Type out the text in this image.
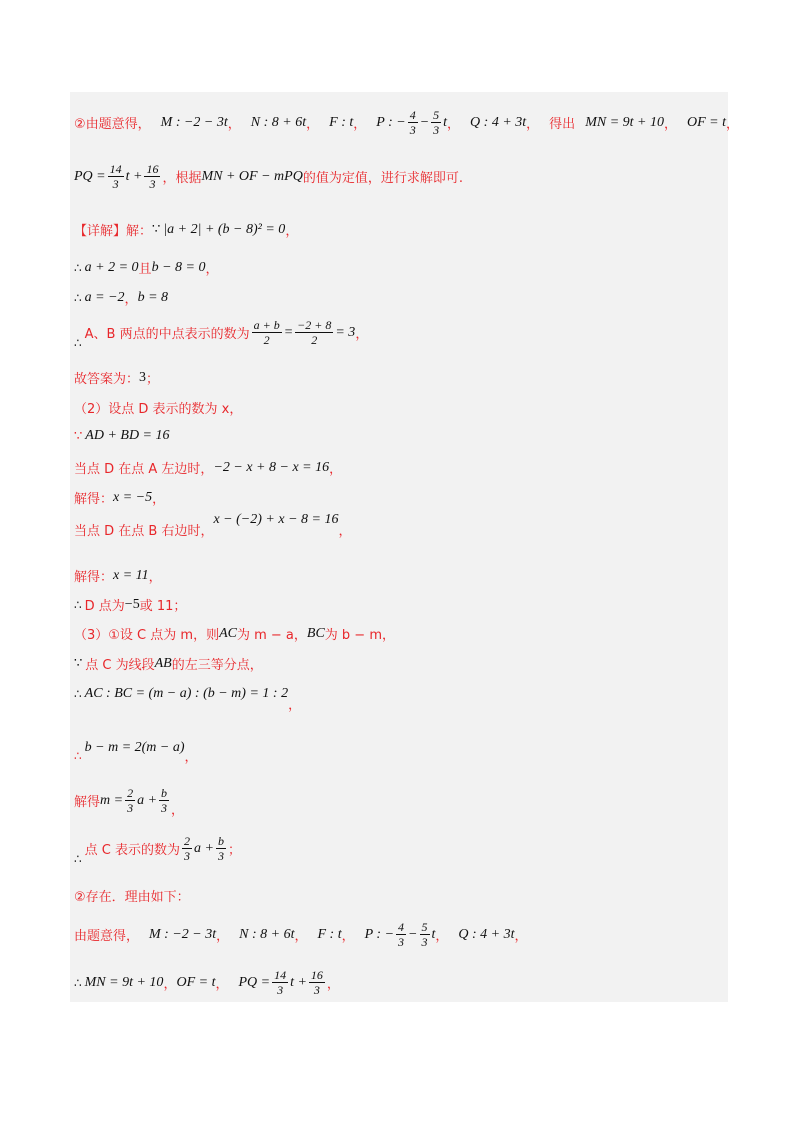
②由题意得， M : −2 − 3t ， N : 8 + 6t ， F : t ， P : − $\frac{4}{3} - \frac{5}{3}$ t ， Q : 4 + 3t ， 得出 MN = 9t + 10 ， OF = t ，
PQ = $\frac{14}{3}$ $t + \frac{16}{3}$ ，根据 MN + OF − mPQ 的值为定值，进行求解即可.
【详解】解： ∵ |a + 2| + (b − 8)² = 0 ，
∴ a + 2 = 0 且 b − 8 = 0 ，
∴ a = −2 ， b = 8
∴
A、B 两点的中点表示的数为 $\frac{a + b}{2} = \frac{-2 + 8}{2} = 3$ ，
故答案为： 3 ；
（2）设点 D 表示的数为 x，
∵ AD + BD = 16
当点 D 在点 A 左边时， −2 − x + 8 − x = 16 ，
解得： x = −5 ，
当点 D 在点 B 右边时，
x − (−2) + x − 8 = 16
，
解得： x = 11 ，
∴ D 点为 −5 或 11；
（3）①设 C 点为 m，则 AC 为 m − a， BC 为 b − m，
∵ 点 C 为线段 AB 的左三等分点，
∴ AC : BC = (m − a) : (b − m) = 1 : 2
，
∴
b − m = 2(m − a)
，
解得 $m = \frac{2}{3}$ $a + \frac{b}{3}$ ，
∴
点 C 表示的数为 $\frac{2}{3}$ $a + \frac{b}{3}$ ；
②存在．理由如下：
由题意得， M : −2 − 3t ， N : 8 + 6t ， F : t ， P : − $\frac{4}{3} - \frac{5}{3}$ t ， Q : 4 + 3t ，
∴ MN = 9t + 10 ， OF = t ， PQ = $\frac{14}{3}$ $t + \frac{16}{3}$ ，
